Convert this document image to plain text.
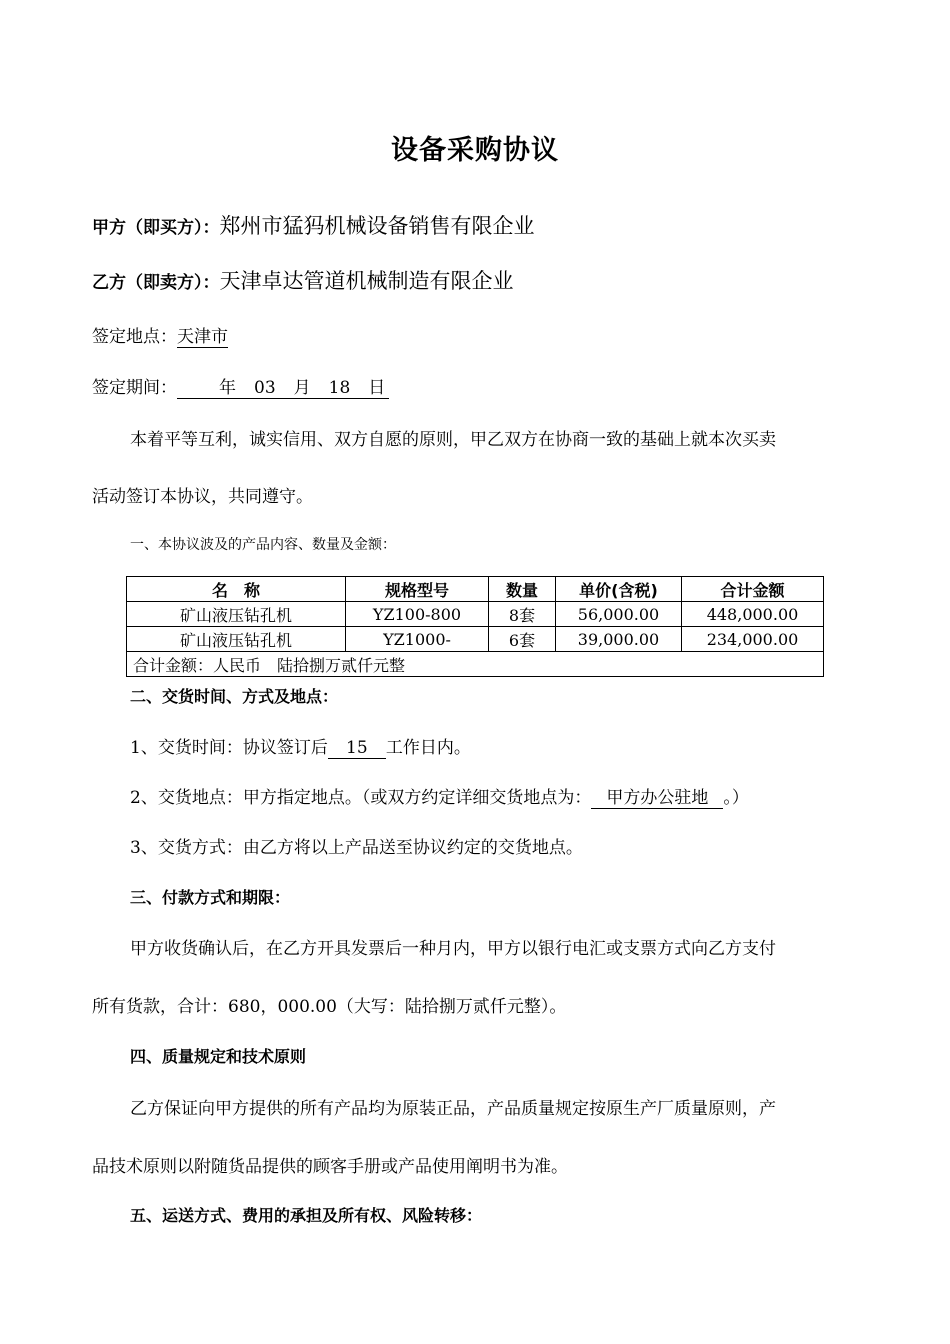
设备采购协议
甲方（即买方）：郑州市猛犸机械设备销售有限企业
乙方（即卖方）：天津卓达管道机械制造有限企业
签定地点：天津市
签定期间： 年 03 月 18 日
本着平等互利，诚实信用、双方自愿的原则，甲乙双方在协商一致的基础上就本次买卖
活动签订本协议，共同遵守。
一、本协议波及的产品内容、数量及金额：
名　称	规格型号	数量	单价(含税)	合计金额
矿山液压钻孔机	YZ100-800	8套	56,000.00	448,000.00
矿山液压钻孔机	YZ1000-	6套	39,000.00	234,000.00
合计金额：人民币　陆拾捌万贰仟元整				
二、交货时间、方式及地点：
1、交货时间：协议签订后 15 工作日内。
2、交货地点：甲方指定地点。（或双方约定详细交货地点为： 甲方办公驻地 。）
3、交货方式：由乙方将以上产品送至协议约定的交货地点。
三、付款方式和期限：
甲方收货确认后，在乙方开具发票后一种月内，甲方以银行电汇或支票方式向乙方支付
所有货款，合计：680，000.00（大写：陆拾捌万贰仟元整）。
四、质量规定和技术原则
乙方保证向甲方提供的所有产品均为原装正品，产品质量规定按原生产厂质量原则，产
品技术原则以附随货品提供的顾客手册或产品使用阐明书为准。
五、运送方式、费用的承担及所有权、风险转移：
